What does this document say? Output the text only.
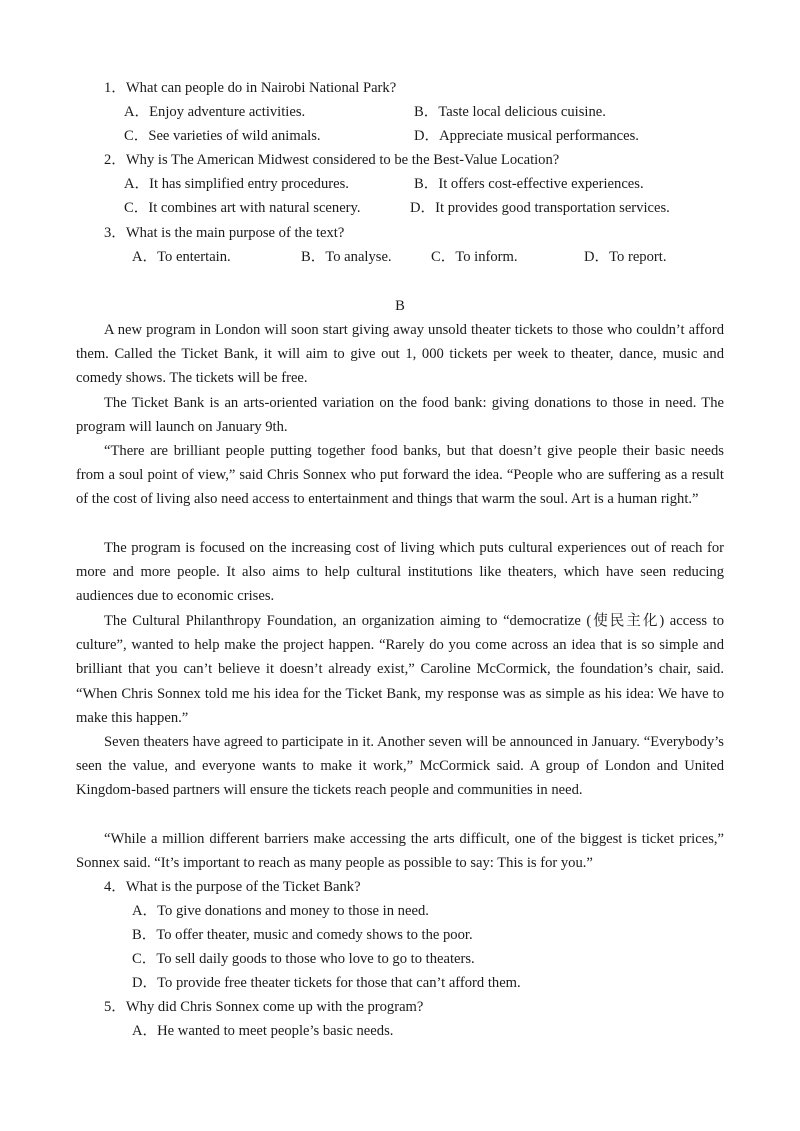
1．What can people do in Nairobi National Park?
A．Enjoy adventure activities.	B．Taste local delicious cuisine.
C．See varieties of wild animals.	D．Appreciate musical performances.
2．Why is The American Midwest considered to be the Best-Value Location?
A．It has simplified entry procedures.	B．It offers cost-effective experiences.
C．It combines art with natural scenery.	D．It provides good transportation services.
3．What is the main purpose of the text?
A．To entertain.	B．To analyse.	C．To inform.	D．To report.
B

A new program in London will soon start giving away unsold theater tickets to those who couldn’t afford them. Called the Ticket Bank, it will aim to give out 1, 000 tickets per week to theater, dance, music and comedy shows. The tickets will be free.

The Ticket Bank is an arts-oriented variation on the food bank: giving donations to those in need. The program will launch on January 9th.

“There are brilliant people putting together food banks, but that doesn’t give people their basic needs from a soul point of view,” said Chris Sonnex who put forward the idea. “People who are suffering as a result of the cost of living also need access to entertainment and things that warm the soul. Art is a human right.”

The program is focused on the increasing cost of living which puts cultural experiences out of reach for more and more people. It also aims to help cultural institutions like theaters, which have seen reducing audiences due to economic crises.

The Cultural Philanthropy Foundation, an organization aiming to “democratize (使民主化) access to culture”, wanted to help make the project happen. “Rarely do you come across an idea that is so simple and brilliant that you can’t believe it doesn’t already exist,” Caroline McCormick, the foundation’s chair, said. “When Chris Sonnex told me his idea for the Ticket Bank, my response was as simple as his idea: We have to make this happen.”

Seven theaters have agreed to participate in it. Another seven will be announced in January. “Everybody’s seen the value, and everyone wants to make it work,” McCormick said. A group of London and United Kingdom-based partners will ensure the tickets reach people and communities in need.

“While a million different barriers make accessing the arts difficult, one of the biggest is ticket prices,” Sonnex said. “It’s important to reach as many people as possible to say: This is for you.”

4．What is the purpose of the Ticket Bank?
A．To give donations and money to those in need.
B．To offer theater, music and comedy shows to the poor.
C．To sell daily goods to those who love to go to theaters.
D．To provide free theater tickets for those that can’t afford them.
5．Why did Chris Sonnex come up with the program?
A．He wanted to meet people’s basic needs.
